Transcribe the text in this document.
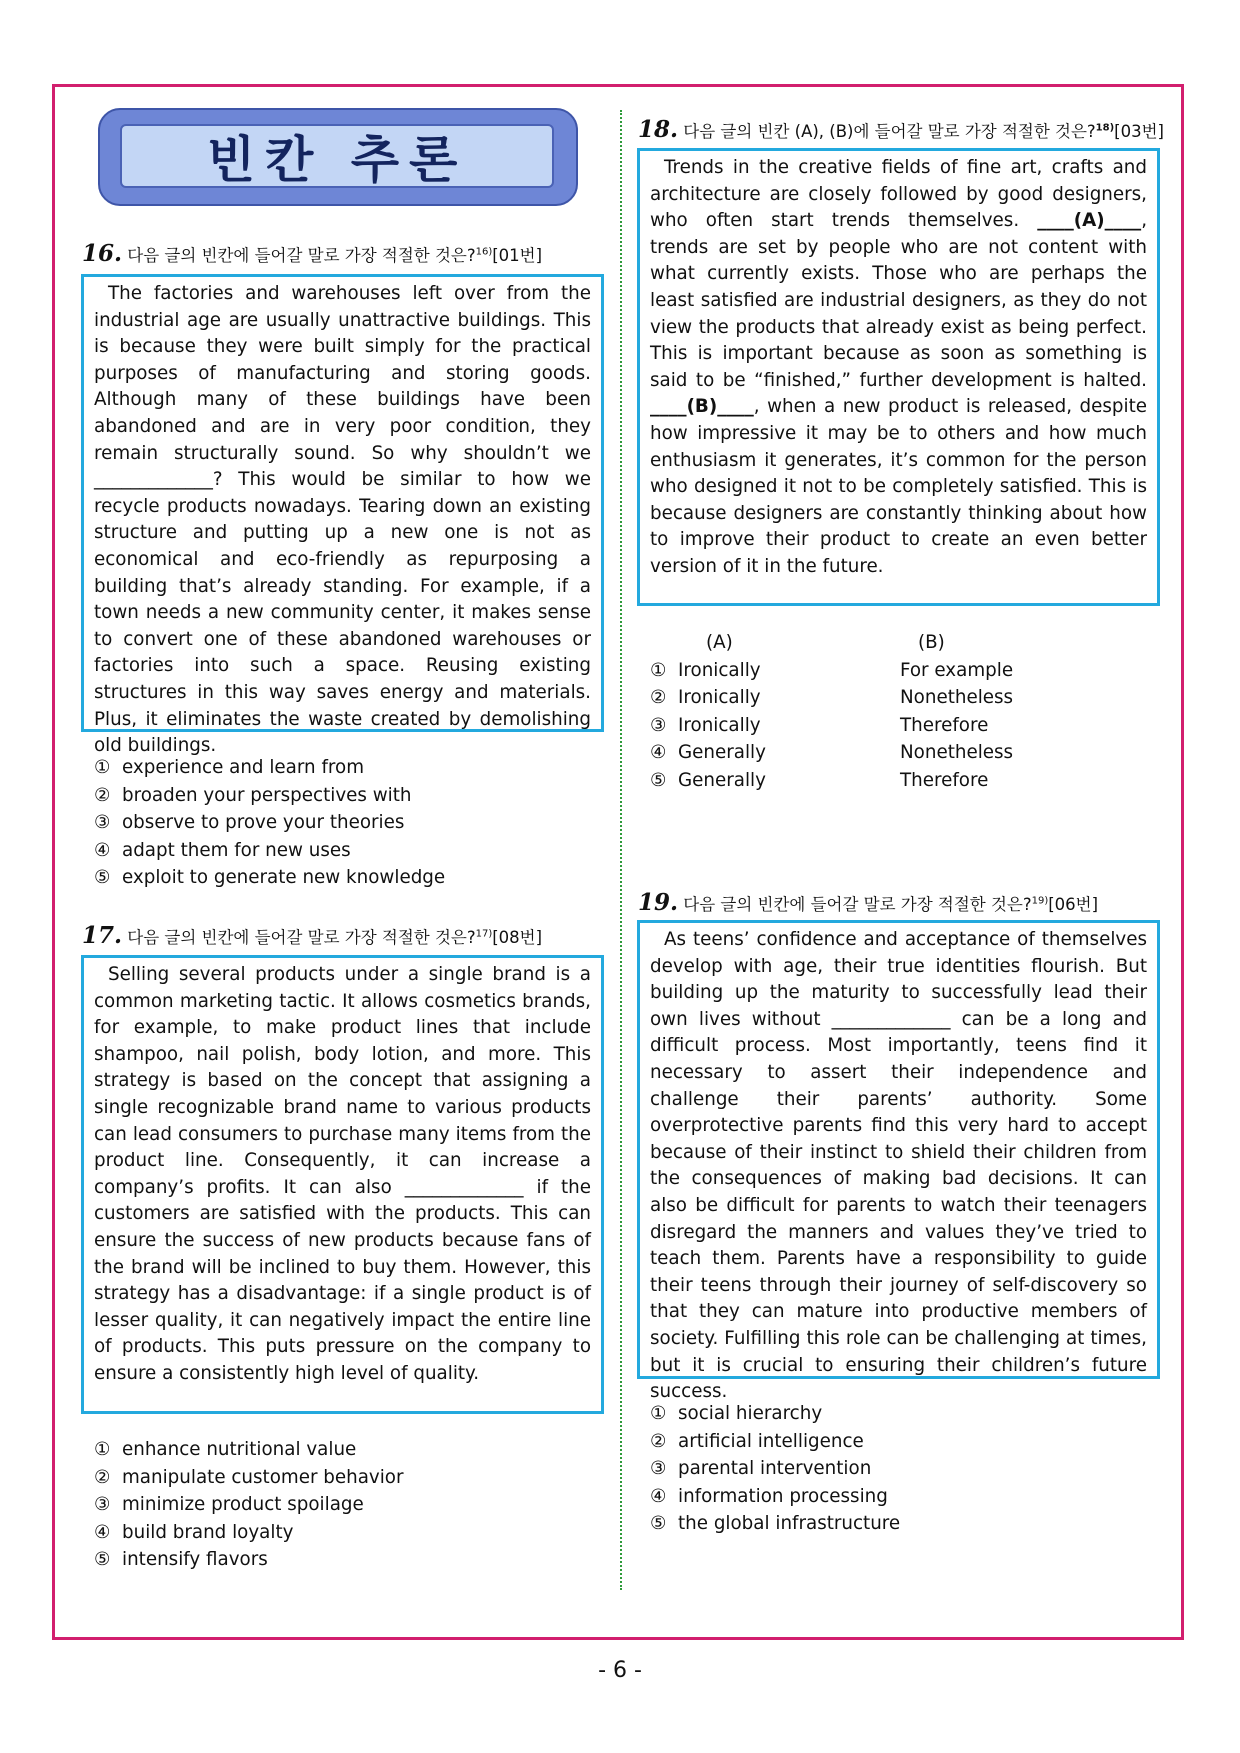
빈칸 추론
16. 다음 글의 빈칸에 들어갈 말로 가장 적절한 것은?$^{16)}$[01번]

The factories and warehouses left over from the industrial age are usually unattractive buildings. This is because they were built simply for the practical purposes of manufacturing and storing goods. Although many of these buildings have been abandoned and are in very poor condition, they remain structurally sound. So why shouldn’t we _____________? This would be similar to how we recycle products nowadays. Tearing down an existing structure and putting up a new one is not as economical and eco-friendly as repurposing a building that’s already standing. For example, if a town needs a new community center, it makes sense to convert one of these abandoned warehouses or factories into such a space. Reusing existing structures in this way saves energy and materials. Plus, it eliminates the waste created by demolishing old buildings.

① experience and learn from
② broaden your perspectives with
③ observe to prove your theories
④ adapt them for new uses
⑤ exploit to generate new knowledge
17. 다음 글의 빈칸에 들어갈 말로 가장 적절한 것은?$^{17)}$[08번]

Selling several products under a single brand is a common marketing tactic. It allows cosmetics brands, for example, to make product lines that include shampoo, nail polish, body lotion, and more. This strategy is based on the concept that assigning a single recognizable brand name to various products can lead consumers to purchase many items from the product line. Consequently, it can increase a company’s profits. It can also _____________ if the customers are satisfied with the products. This can ensure the success of new products because fans of the brand will be inclined to buy them. However, this strategy has a disadvantage: if a single product is of lesser quality, it can negatively impact the entire line of products. This puts pressure on the company to ensure a consistently high level of quality.

① enhance nutritional value
② manipulate customer behavior
③ minimize product spoilage
④ build brand loyalty
⑤ intensify flavors
18. 다음 글의 빈칸 (A), (B)에 들어갈 말로 가장 적절한 것은?$^{18)}$[03번]

Trends in the creative fields of fine art, crafts and architecture are closely followed by good designers, who often start trends themselves. ____(A)____, trends are set by people who are not content with what currently exists. Those who are perhaps the least satisfied are industrial designers, as they do not view the products that already exist as being perfect. This is important because as soon as something is said to be “finished,” further development is halted. ____(B)____, when a new product is released, despite how impressive it may be to others and how much enthusiasm it generates, it’s common for the person who designed it not to be completely satisfied. This is because designers are constantly thinking about how to improve their product to create an even better version of it in the future.

(A)	(B)
① Ironically	For example
② Ironically	Nonetheless
③ Ironically	Therefore
④ Generally	Nonetheless
⑤ Generally	Therefore
19. 다음 글의 빈칸에 들어갈 말로 가장 적절한 것은?$^{19)}$[06번]

As teens’ confidence and acceptance of themselves develop with age, their true identities flourish. But building up the maturity to successfully lead their own lives without _____________ can be a long and difficult process. Most importantly, teens find it necessary to assert their independence and challenge their parents’ authority. Some overprotective parents find this very hard to accept because of their instinct to shield their children from the consequences of making bad decisions. It can also be difficult for parents to watch their teenagers disregard the manners and values they’ve tried to teach them. Parents have a responsibility to guide their teens through their journey of self-discovery so that they can mature into productive members of society. Fulfilling this role can be challenging at times, but it is crucial to ensuring their children’s future success.

① social hierarchy
② artificial intelligence
③ parental intervention
④ information processing
⑤ the global infrastructure
- 6 -
